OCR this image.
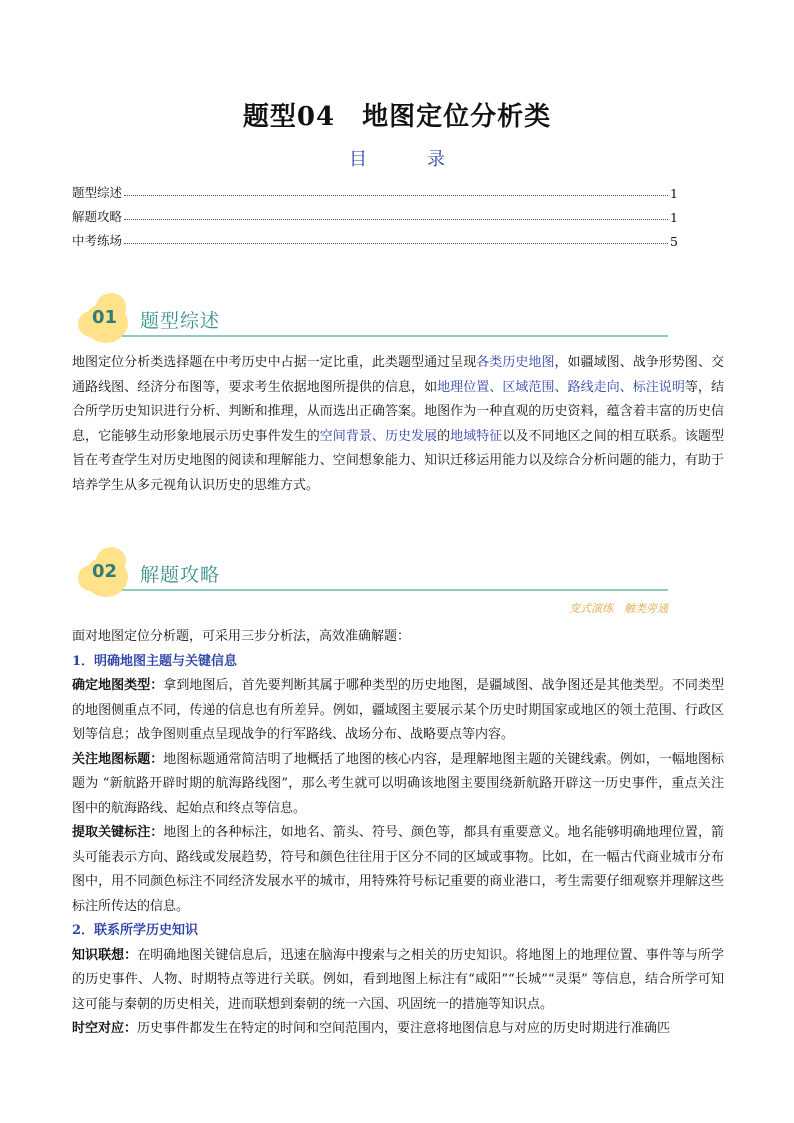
题型04　地图定位分析类
目录
题型综述	1
解题攻略	1
中考练场	5
01 题型综述

地图定位分析类选择题在中考历史中占据一定比重，此类题型通过呈现各类历史地图，如疆域图、战争形势图、交通路线图、经济分布图等，要求考生依据地图所提供的信息，如地理位置、区域范围、路线走向、标注说明等，结合所学历史知识进行分析、判断和推理，从而选出正确答案。地图作为一种直观的历史资料，蕴含着丰富的历史信息，它能够生动形象地展示历史事件发生的空间背景、历史发展的地域特征以及不同地区之间的相互联系。该题型旨在考查学生对历史地图的阅读和理解能力、空间想象能力、知识迁移运用能力以及综合分析问题的能力，有助于培养学生从多元视角认识历史的思维方式。

02 解题攻略
变式演练　触类旁通

面对地图定位分析题，可采用三步分析法，高效准确解题：

1．明确地图主题与关键信息

确定地图类型：拿到地图后，首先要判断其属于哪种类型的历史地图，是疆域图、战争图还是其他类型。不同类型的地图侧重点不同，传递的信息也有所差异。例如，疆域图主要展示某个历史时期国家或地区的领土范围、行政区划等信息；战争图则重点呈现战争的行军路线、战场分布、战略要点等内容。

关注地图标题：地图标题通常简洁明了地概括了地图的核心内容，是理解地图主题的关键线索。例如，一幅地图标题为 “新航路开辟时期的航海路线图”，那么考生就可以明确该地图主要围绕新航路开辟这一历史事件，重点关注图中的航海路线、起始点和终点等信息。

提取关键标注：地图上的各种标注，如地名、箭头、符号、颜色等，都具有重要意义。地名能够明确地理位置，箭头可能表示方向、路线或发展趋势，符号和颜色往往用于区分不同的区域或事物。比如，在一幅古代商业城市分布图中，用不同颜色标注不同经济发展水平的城市，用特殊符号标记重要的商业港口，考生需要仔细观察并理解这些标注所传达的信息。

2．联系所学历史知识

知识联想：在明确地图关键信息后，迅速在脑海中搜索与之相关的历史知识。将地图上的地理位置、事件等与所学的历史事件、人物、时期特点等进行关联。例如，看到地图上标注有“咸阳”“长城”“灵渠” 等信息，结合所学可知这可能与秦朝的历史相关，进而联想到秦朝的统一六国、巩固统一的措施等知识点。

时空对应：历史事件都发生在特定的时间和空间范围内，要注意将地图信息与对应的历史时期进行准确匹
